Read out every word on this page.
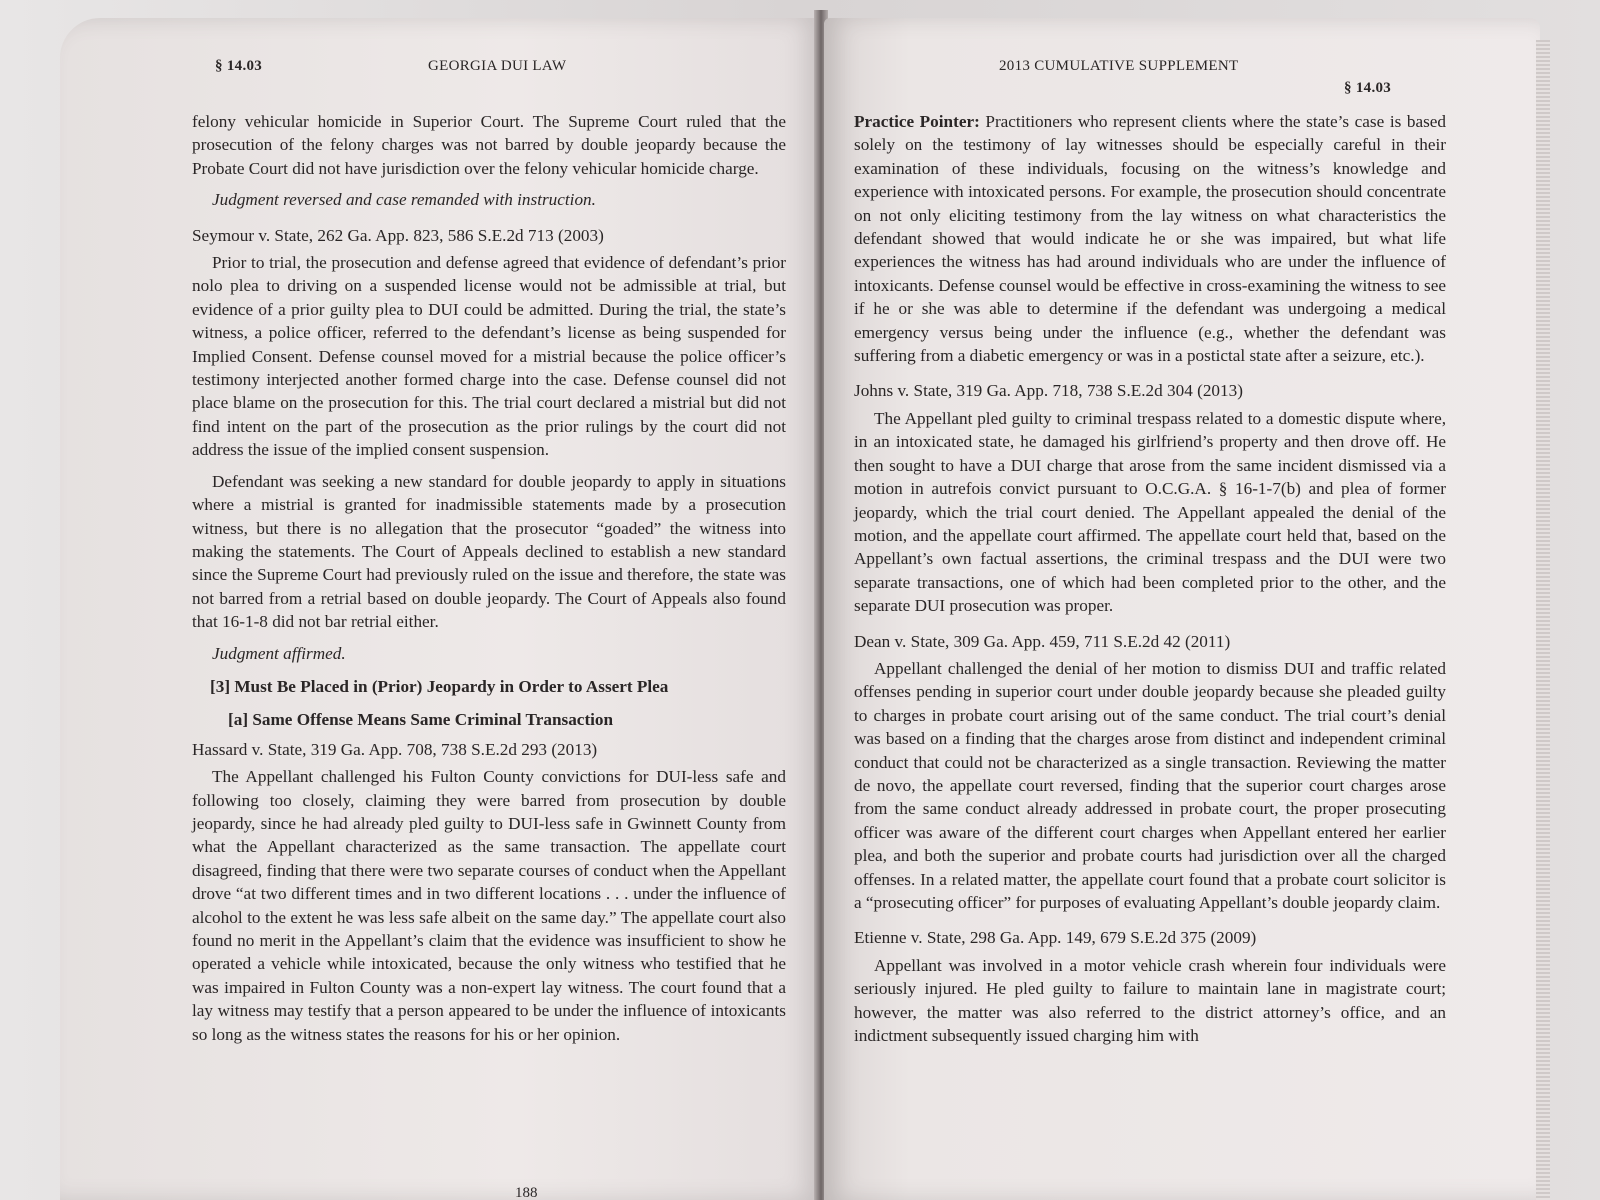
§ 14.03	GEORGIA DUI LAW

felony vehicular homicide in Superior Court. The Supreme Court ruled that the prosecution of the felony charges was not barred by double jeopardy because the Probate Court did not have jurisdiction over the felony vehicular homicide charge.

Judgment reversed and case remanded with instruction.

Seymour v. State, 262 Ga. App. 823, 586 S.E.2d 713 (2003)

Prior to trial, the prosecution and defense agreed that evidence of defendant’s prior nolo plea to driving on a suspended license would not be admissible at trial, but evidence of a prior guilty plea to DUI could be admitted. During the trial, the state’s witness, a police officer, referred to the defendant’s license as being suspended for Implied Consent. Defense counsel moved for a mistrial because the police officer’s testimony interjected another formed charge into the case. Defense counsel did not place blame on the prosecution for this. The trial court declared a mistrial but did not find intent on the part of the prosecution as the prior rulings by the court did not address the issue of the implied consent suspension.

Defendant was seeking a new standard for double jeopardy to apply in situations where a mistrial is granted for inadmissible statements made by a prosecution witness, but there is no allegation that the prosecutor “goaded” the witness into making the statements. The Court of Appeals declined to establish a new standard since the Supreme Court had previously ruled on the issue and therefore, the state was not barred from a retrial based on double jeopardy. The Court of Appeals also found that 16-1-8 did not bar retrial either.

Judgment affirmed.

[3] Must Be Placed in (Prior) Jeopardy in Order to Assert Plea

[a] Same Offense Means Same Criminal Transaction

Hassard v. State, 319 Ga. App. 708, 738 S.E.2d 293 (2013)

The Appellant challenged his Fulton County convictions for DUI-less safe and following too closely, claiming they were barred from prosecution by double jeopardy, since he had already pled guilty to DUI-less safe in Gwinnett County from what the Appellant characterized as the same transaction. The appellate court disagreed, finding that there were two separate courses of conduct when the Appellant drove “at two different times and in two different locations . . . under the influence of alcohol to the extent he was less safe albeit on the same day.” The appellate court also found no merit in the Appellant’s claim that the evidence was insufficient to show he operated a vehicle while intoxicated, because the only witness who testified that he was impaired in Fulton County was a non-expert lay witness. The court found that a lay witness may testify that a person appeared to be under the influence of intoxicants so long as the witness states the reasons for his or her opinion.

188
2013 CUMULATIVE SUPPLEMENT
§ 14.03

Practice Pointer: Practitioners who represent clients where the state’s case is based solely on the testimony of lay witnesses should be especially careful in their examination of these individuals, focusing on the witness’s knowledge and experience with intoxicated persons. For example, the prosecution should concentrate on not only eliciting testimony from the lay witness on what characteristics the defendant showed that would indicate he or she was impaired, but what life experiences the witness has had around individuals who are under the influence of intoxicants. Defense counsel would be effective in cross-examining the witness to see if he or she was able to determine if the defendant was undergoing a medical emergency versus being under the influence (e.g., whether the defendant was suffering from a diabetic emergency or was in a postictal state after a seizure, etc.).

Johns v. State, 319 Ga. App. 718, 738 S.E.2d 304 (2013)

The Appellant pled guilty to criminal trespass related to a domestic dispute where, in an intoxicated state, he damaged his girlfriend’s property and then drove off. He then sought to have a DUI charge that arose from the same incident dismissed via a motion in autrefois convict pursuant to O.C.G.A. § 16-1-7(b) and plea of former jeopardy, which the trial court denied. The Appellant appealed the denial of the motion, and the appellate court affirmed. The appellate court held that, based on the Appellant’s own factual assertions, the criminal trespass and the DUI were two separate transactions, one of which had been completed prior to the other, and the separate DUI prosecution was proper.

Dean v. State, 309 Ga. App. 459, 711 S.E.2d 42 (2011)

Appellant challenged the denial of her motion to dismiss DUI and traffic related offenses pending in superior court under double jeopardy because she pleaded guilty to charges in probate court arising out of the same conduct. The trial court’s denial was based on a finding that the charges arose from distinct and independent criminal conduct that could not be characterized as a single transaction. Reviewing the matter de novo, the appellate court reversed, finding that the superior court charges arose from the same conduct already addressed in probate court, the proper prosecuting officer was aware of the different court charges when Appellant entered her earlier plea, and both the superior and probate courts had jurisdiction over all the charged offenses. In a related matter, the appellate court found that a probate court solicitor is a “prosecuting officer” for purposes of evaluating Appellant’s double jeopardy claim.

Etienne v. State, 298 Ga. App. 149, 679 S.E.2d 375 (2009)

Appellant was involved in a motor vehicle crash wherein four individuals were seriously injured. He pled guilty to failure to maintain lane in magistrate court; however, the matter was also referred to the district attorney’s office, and an indictment subsequently issued charging him with
